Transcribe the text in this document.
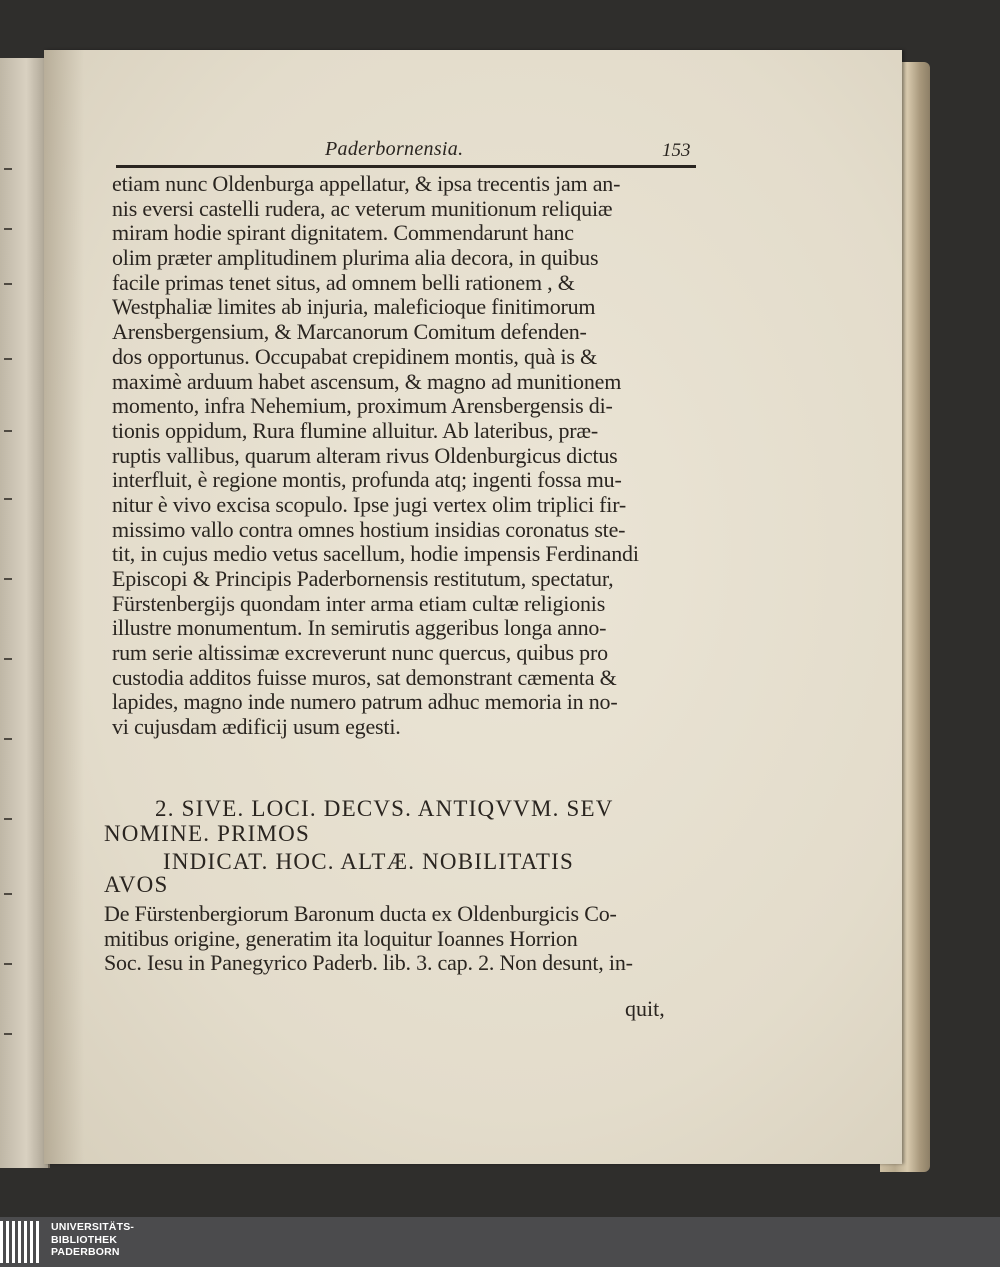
Paderbornensia.	153
etiam nunc Oldenburga appellatur, & ipsa trecentis jam an-
nis eversi castelli rudera, ac veterum munitionum reliquiæ
miram hodie spirant dignitatem. Commendarunt hanc
olim præter amplitudinem plurima alia decora, in quibus
facile primas tenet situs, ad omnem belli rationem , &
Westphaliæ limites ab injuria, maleficioque finitimorum
Arensbergensium, & Marcanorum Comitum defenden-
dos opportunus. Occupabat crepidinem montis, quà is &
maximè arduum habet ascensum, & magno ad munitionem
momento, infra Nehemium, proximum Arensbergensis di-
tionis oppidum, Rura flumine alluitur. Ab lateribus, præ-
ruptis vallibus, quarum alteram rivus Oldenburgicus dictus
interfluit, è regione montis, profunda atq; ingenti fossa mu-
nitur è vivo excisa scopulo. Ipse jugi vertex olim triplici fir-
missimo vallo contra omnes hostium insidias coronatus ste-
tit, in cujus medio vetus sacellum, hodie impensis Ferdinandi
Episcopi & Principis Paderbornensis restitutum, spectatur,
Fürstenbergijs quondam inter arma etiam cultæ religionis
illustre monumentum. In semirutis aggeribus longa anno-
rum serie altissimæ excreverunt nunc quercus, quibus pro
custodia additos fuisse muros, sat demonstrant cæmenta &
lapides, magno inde numero patrum adhuc memoria in no-
vi cujusdam ædificij usum egesti.
2. SIVE. LOCI. DECVS. ANTIQVVM. SEV
NOMINE. PRIMOS
INDICAT. HOC. ALTÆ. NOBILITATIS
AVOS
De Fürstenbergiorum Baronum ducta ex Oldenburgicis Co-
mitibus origine, generatim ita loquitur Ioannes Horrion
Soc. Iesu in Panegyrico Paderb. lib. 3. cap. 2. Non desunt, in-
quit,
UNIVERSITÄTS-
BIBLIOTHEK
PADERBORN
